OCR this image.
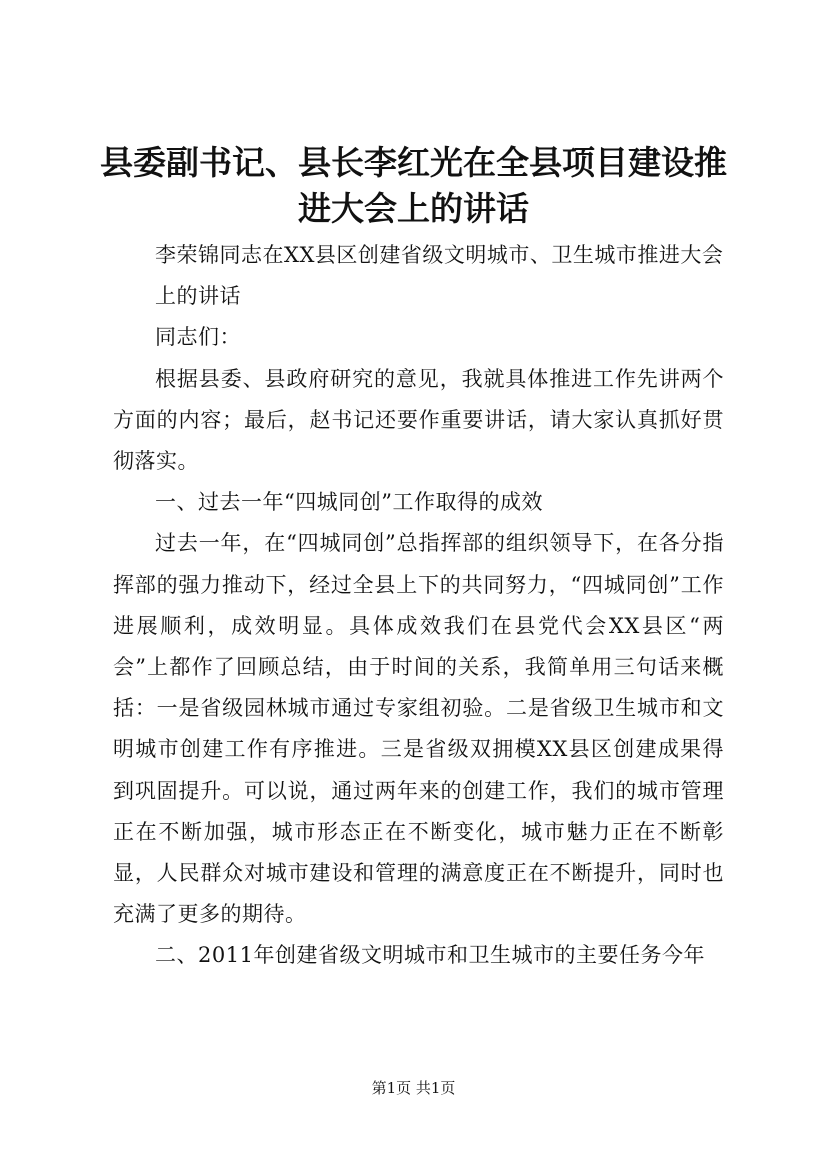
县委副书记、县长李红光在全县项目建设推进大会上的讲话

李荣锦同志在XX县区创建省级文明城市、卫生城市推进大会

上的讲话

同志们：

根据县委、县政府研究的意见，我就具体推进工作先讲两个方面的内容；最后，赵书记还要作重要讲话，请大家认真抓好贯彻落实。

一、过去一年“四城同创”工作取得的成效

过去一年，在“四城同创”总指挥部的组织领导下，在各分指挥部的强力推动下，经过全县上下的共同努力，“四城同创”工作进展顺利，成效明显。具体成效我们在县党代会XX县区“两会”上都作了回顾总结，由于时间的关系，我简单用三句话来概括：一是省级园林城市通过专家组初验。二是省级卫生城市和文明城市创建工作有序推进。三是省级双拥模XX县区创建成果得到巩固提升。可以说，通过两年来的创建工作，我们的城市管理正在不断加强，城市形态正在不断变化，城市魅力正在不断彰显，人民群众对城市建设和管理的满意度正在不断提升，同时也充满了更多的期待。

二、2011年创建省级文明城市和卫生城市的主要任务今年

第1页 共1页
